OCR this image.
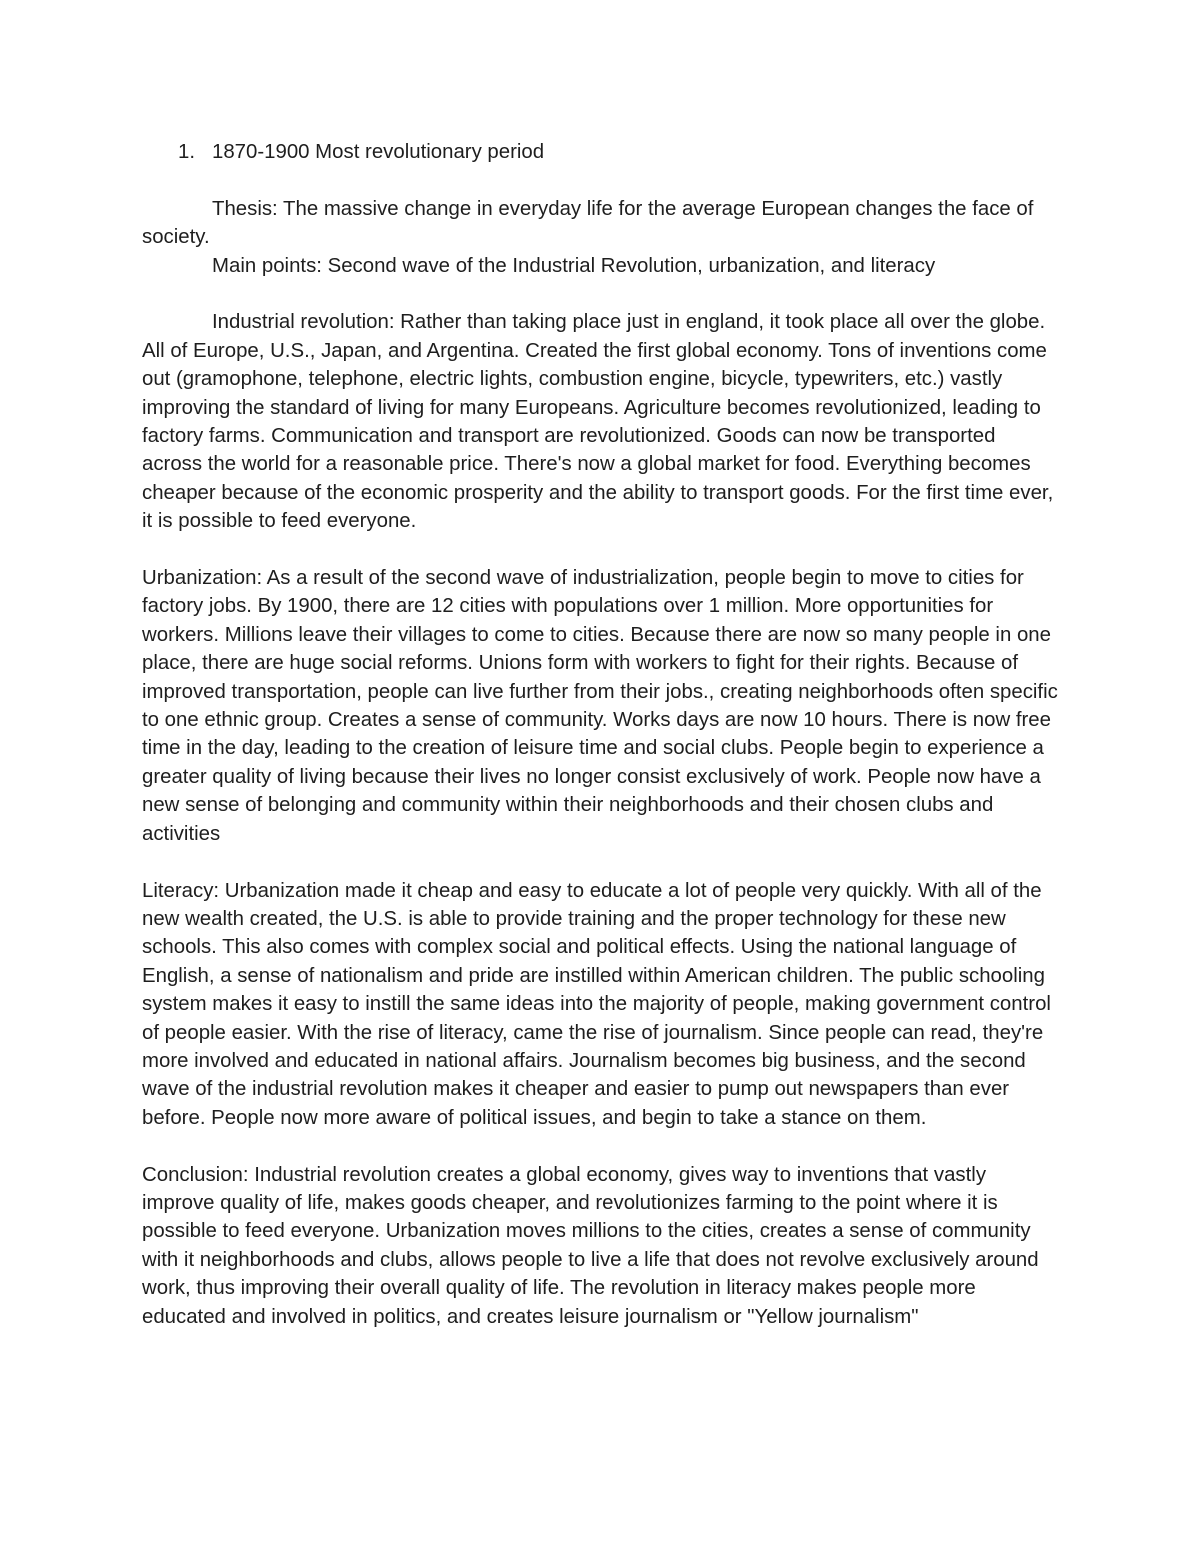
1. 1870-1900 Most revolutionary period

Thesis: The massive change in everyday life for the average European changes the face of society.

Main points: Second wave of the Industrial Revolution, urbanization, and literacy

Industrial revolution: Rather than taking place just in england, it took place all over the globe. All of Europe, U.S., Japan, and Argentina. Created the first global economy. Tons of inventions come out (gramophone, telephone, electric lights, combustion engine, bicycle, typewriters, etc.) vastly improving the standard of living for many Europeans. Agriculture becomes revolutionized, leading to factory farms. Communication and transport are revolutionized. Goods can now be transported across the world for a reasonable price. There's now a global market for food. Everything becomes cheaper because of the economic prosperity and the ability to transport goods. For the first time ever, it is possible to feed everyone.

Urbanization: As a result of the second wave of industrialization, people begin to move to cities for factory jobs. By 1900, there are 12 cities with populations over 1 million. More opportunities for workers. Millions leave their villages to come to cities. Because there are now so many people in one place, there are huge social reforms. Unions form with workers to fight for their rights. Because of improved transportation, people can live further from their jobs., creating neighborhoods often specific to one ethnic group. Creates a sense of community. Works days are now 10 hours. There is now free time in the day, leading to the creation of leisure time and social clubs. People begin to experience a greater quality of living because their lives no longer consist exclusively of work. People now have a new sense of belonging and community within their neighborhoods and their chosen clubs and activities

Literacy: Urbanization made it cheap and easy to educate a lot of people very quickly. With all of the new wealth created, the U.S. is able to provide training and the proper technology for these new schools. This also comes with complex social and political effects. Using the national language of English, a sense of nationalism and pride are instilled within American children. The public schooling system makes it easy to instill the same ideas into the majority of people, making government control of people easier. With the rise of literacy, came the rise of journalism. Since people can read, they're more involved and educated in national affairs. Journalism becomes big business, and the second wave of the industrial revolution makes it cheaper and easier to pump out newspapers than ever before. People now more aware of political issues, and begin to take a stance on them.

Conclusion: Industrial revolution creates a global economy, gives way to inventions that vastly improve quality of life, makes goods cheaper, and revolutionizes farming to the point where it is possible to feed everyone. Urbanization moves millions to the cities, creates a sense of community with it neighborhoods and clubs, allows people to live a life that does not revolve exclusively around work, thus improving their overall quality of life. The revolution in literacy makes people more educated and involved in politics, and creates leisure journalism or "Yellow journalism"
